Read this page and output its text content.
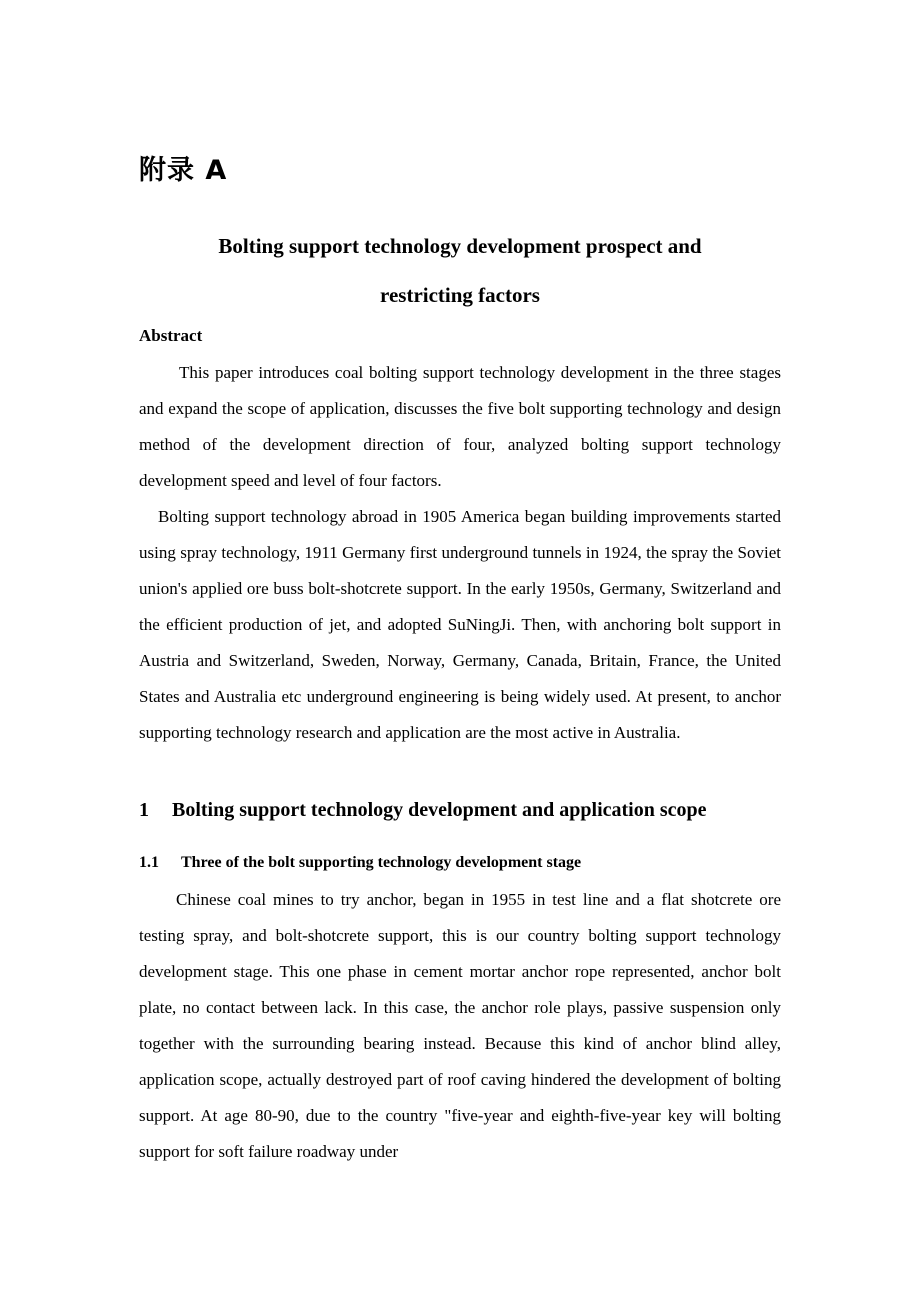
附录 A
Bolting support technology development prospect and
restricting factors
Abstract
This paper introduces coal bolting support technology development in the three stages and expand the scope of application, discusses the five bolt supporting technology and design method of the development direction of four, analyzed bolting support technology development speed and level of four factors.
Bolting support technology abroad in 1905 America began building improvements started using spray technology, 1911 Germany first underground tunnels in 1924, the spray the Soviet union's applied ore buss bolt-shotcrete support. In the early 1950s, Germany, Switzerland and the efficient production of jet, and adopted SuNingJi. Then, with anchoring bolt support in Austria and Switzerland, Sweden, Norway, Germany, Canada, Britain, France, the United States and Australia etc underground engineering is being widely used. At present, to anchor supporting technology research and application are the most active in Australia.
1 Bolting support technology development and application scope
1.1 Three of the bolt supporting technology development stage
Chinese coal mines to try anchor, began in 1955 in test line and a flat shotcrete ore testing spray, and bolt-shotcrete support, this is our country bolting support technology development stage. This one phase in cement mortar anchor rope represented, anchor bolt plate, no contact between lack. In this case, the anchor role plays, passive suspension only together with the surrounding bearing instead. Because this kind of anchor blind alley, application scope, actually destroyed part of roof caving hindered the development of bolting support. At age 80-90, due to the country "five-year and eighth-five-year key will bolting support for soft failure roadway under
